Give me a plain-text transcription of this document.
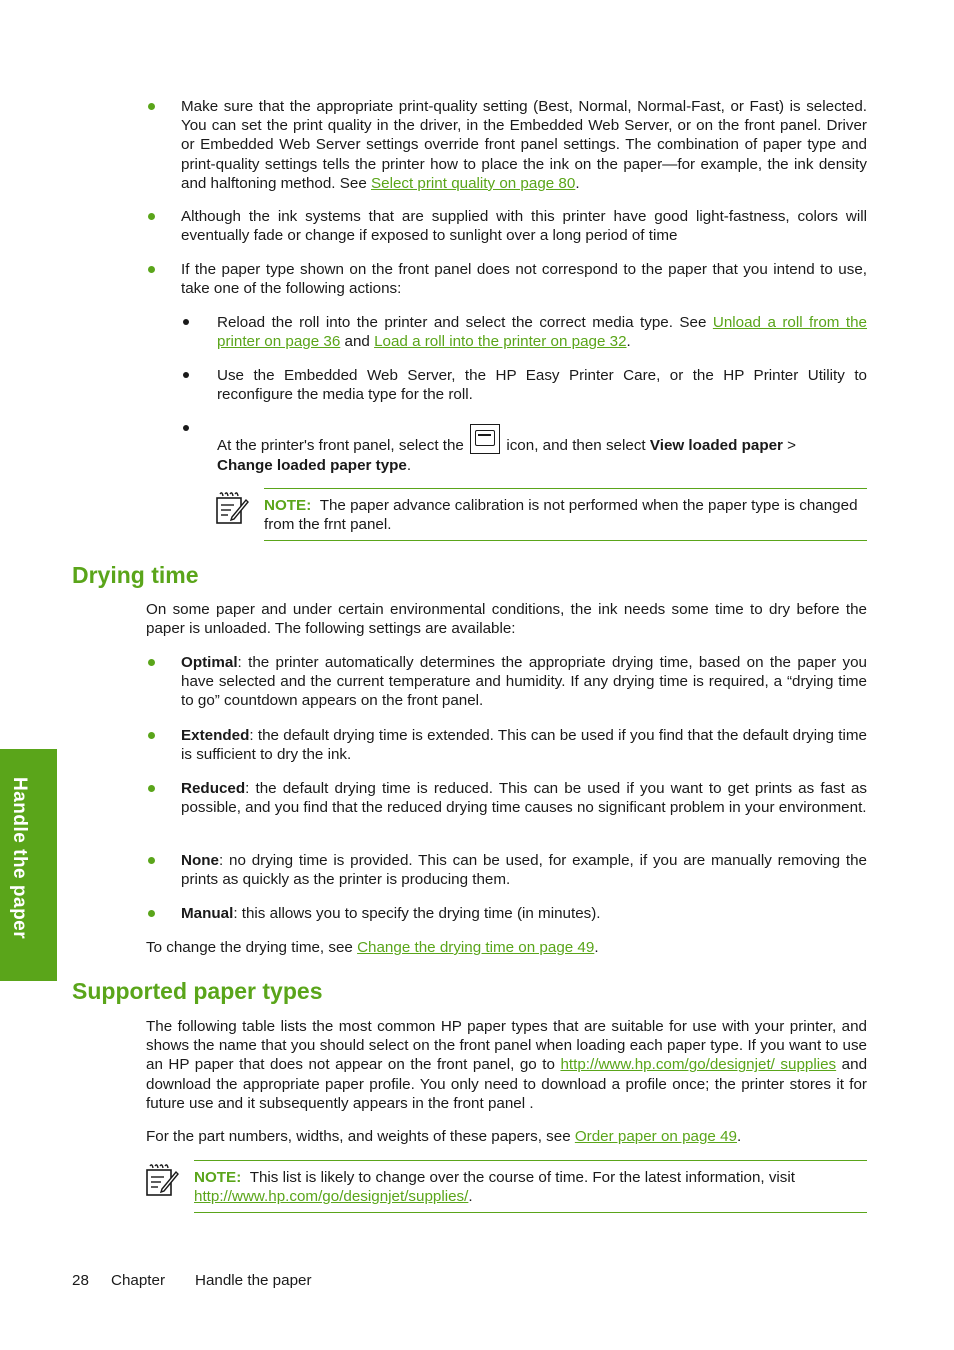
Make sure that the appropriate print-quality setting (Best, Normal, Normal-Fast, or Fast) is selected. You can set the print quality in the driver, in the Embedded Web Server, or on the front panel. Driver or Embedded Web Server settings override front panel settings. The combination of paper type and print-quality settings tells the printer how to place the ink on the paper—for example, the ink density and halftoning method. See Select print quality on page 80.
Although the ink systems that are supplied with this printer have good light-fastness, colors will eventually fade or change if exposed to sunlight over a long period of time
If the paper type shown on the front panel does not correspond to the paper that you intend to use, take one of the following actions:
Reload the roll into the printer and select the correct media type. See Unload a roll from the printer on page 36 and Load a roll into the printer on page 32.
Use the Embedded Web Server, the HP Easy Printer Care, or the HP Printer Utility to reconfigure the media type for the roll.
At the printer's front panel, select the  icon, and then select View loaded paper >
Change loaded paper type.
NOTE: The paper advance calibration is not performed when the paper type is changed from the frnt panel.
Drying time
On some paper and under certain environmental conditions, the ink needs some time to dry before the paper is unloaded. The following settings are available:
Optimal: the printer automatically determines the appropriate drying time, based on the paper you have selected and the current temperature and humidity. If any drying time is required, a “drying time to go” countdown appears on the front panel.
Extended: the default drying time is extended. This can be used if you find that the default drying time is sufficient to dry the ink.
Reduced: the default drying time is reduced. This can be used if you want to get prints as fast as possible, and you find that the reduced drying time causes no significant problem in your environment.
None: no drying time is provided. This can be used, for example, if you are manually removing the prints as quickly as the printer is producing them.
Manual: this allows you to specify the drying time (in minutes).
To change the drying time, see Change the drying time on page 49.
Handle the paper
Supported paper types
The following table lists the most common HP paper types that are suitable for use with your printer, and shows the name that you should select on the front panel when loading each paper type. If you want to use an HP paper that does not appear on the front panel, go to http://www.hp.com/go/designjet/ supplies and download the appropriate paper profile. You only need to download a profile once; the printer stores it for future use and it subsequently appears in the front panel .
For the part numbers, widths, and weights of these papers, see Order paper on page 49.
NOTE: This list is likely to change over the course of time. For the latest information, visit http://www.hp.com/go/designjet/supplies/.
28 Chapter Handle the paper
